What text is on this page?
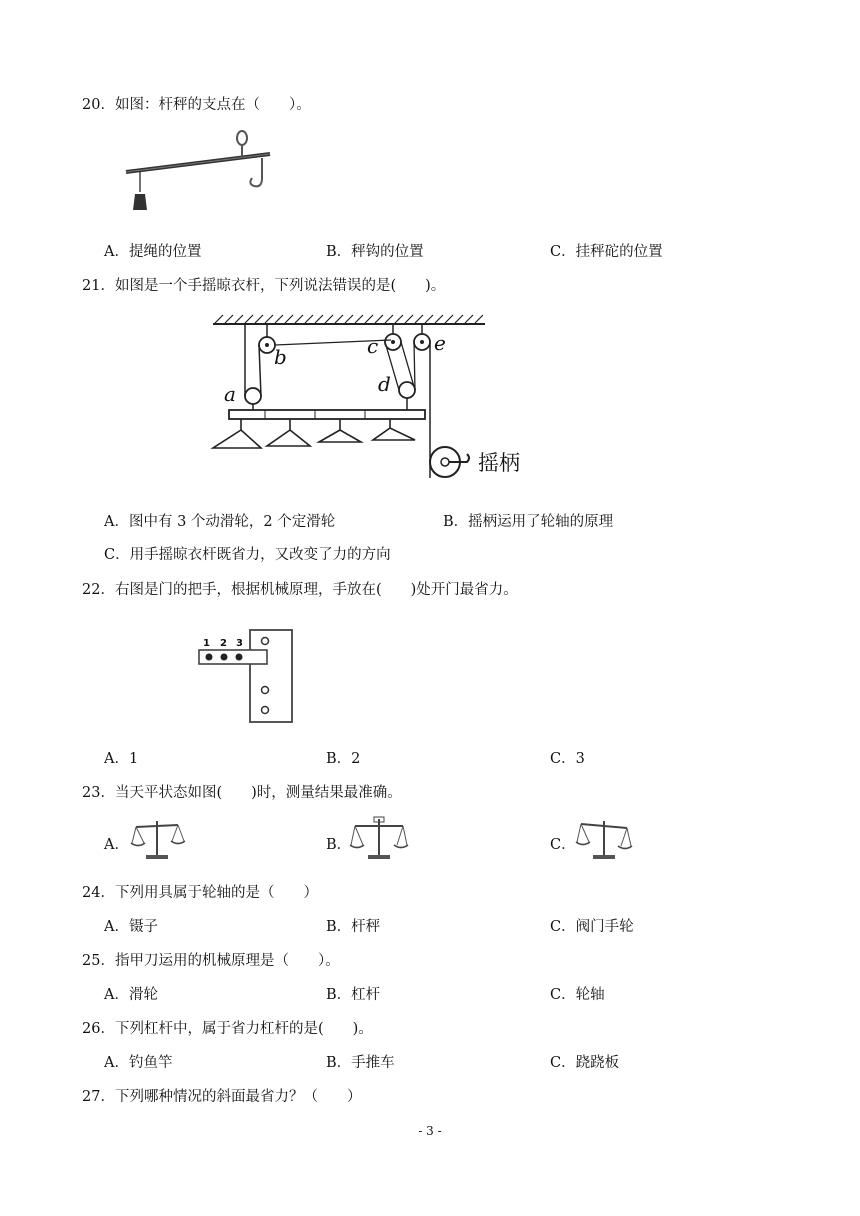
20．如图：杆秤的支点在（　　）。
A．提绳的位置	B．秤钩的位置	C．挂秤砣的位置
21．如图是一个手摇晾衣杆，下列说法错误的是(　　)。
a
b	c
d
e
摇柄
A．图中有 3 个动滑轮，2 个定滑轮	B．摇柄运用了轮轴的原理
C．用手摇晾衣杆既省力，又改变了力的方向
22．右图是门的把手，根据机械原理，手放在(　　)处开门最省力。
1 2 3
A．1	B．2	C．3
23．当天平状态如图(　　)时，测量结果最准确。
A．	B．	C．
24．下列用具属于轮轴的是（　　）
A．镊子	B．杆秤	C．阀门手轮
25．指甲刀运用的机械原理是（　　）。
A．滑轮	B．杠杆	C．轮轴
26．下列杠杆中，属于省力杠杆的是(　　)。
A．钓鱼竿	B．手推车	C．跷跷板
27．下列哪种情况的斜面最省力？（　　）
- 3 -
